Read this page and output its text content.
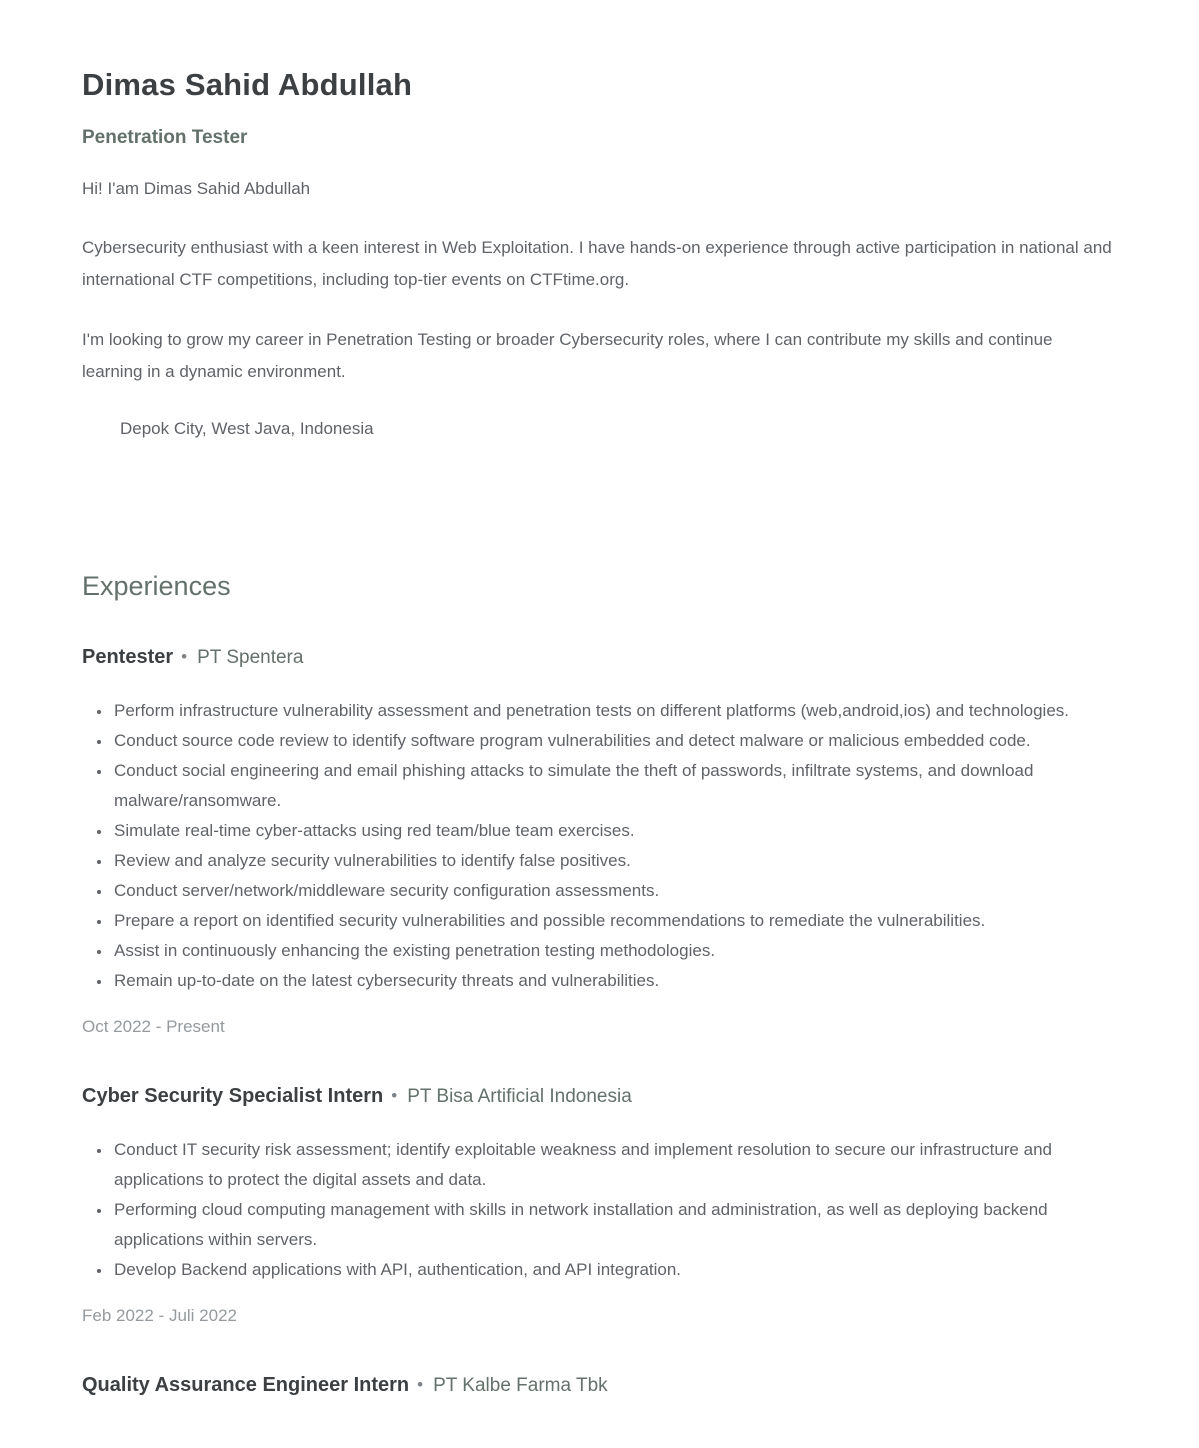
Dimas Sahid Abdullah
Penetration Tester

Hi! I'am Dimas Sahid Abdullah

Cybersecurity enthusiast with a keen interest in Web Exploitation. I have hands-on experience through active participation in national and international CTF competitions, including top-tier events on CTFtime.org.

I'm looking to grow my career in Penetration Testing or broader Cybersecurity roles, where I can contribute my skills and continue learning in a dynamic environment.

Depok City, West Java, Indonesia

Experiences
Pentester • PT Spentera
• Perform infrastructure vulnerability assessment and penetration tests on different platforms (web,android,ios) and technologies.
• Conduct source code review to identify software program vulnerabilities and detect malware or malicious embedded code.
• Conduct social engineering and email phishing attacks to simulate the theft of passwords, infiltrate systems, and download malware/ransomware.
• Simulate real-time cyber-attacks using red team/blue team exercises.
• Review and analyze security vulnerabilities to identify false positives.
• Conduct server/network/middleware security configuration assessments.
• Prepare a report on identified security vulnerabilities and possible recommendations to remediate the vulnerabilities.
• Assist in continuously enhancing the existing penetration testing methodologies.
• Remain up-to-date on the latest cybersecurity threats and vulnerabilities.
Oct 2022 - Present
Cyber Security Specialist Intern • PT Bisa Artificial Indonesia
• Conduct IT security risk assessment; identify exploitable weakness and implement resolution to secure our infrastructure and applications to protect the digital assets and data.
• Performing cloud computing management with skills in network installation and administration, as well as deploying backend applications within servers.
• Develop Backend applications with API, authentication, and API integration.
Feb 2022 - Juli 2022
Quality Assurance Engineer Intern • PT Kalbe Farma Tbk
